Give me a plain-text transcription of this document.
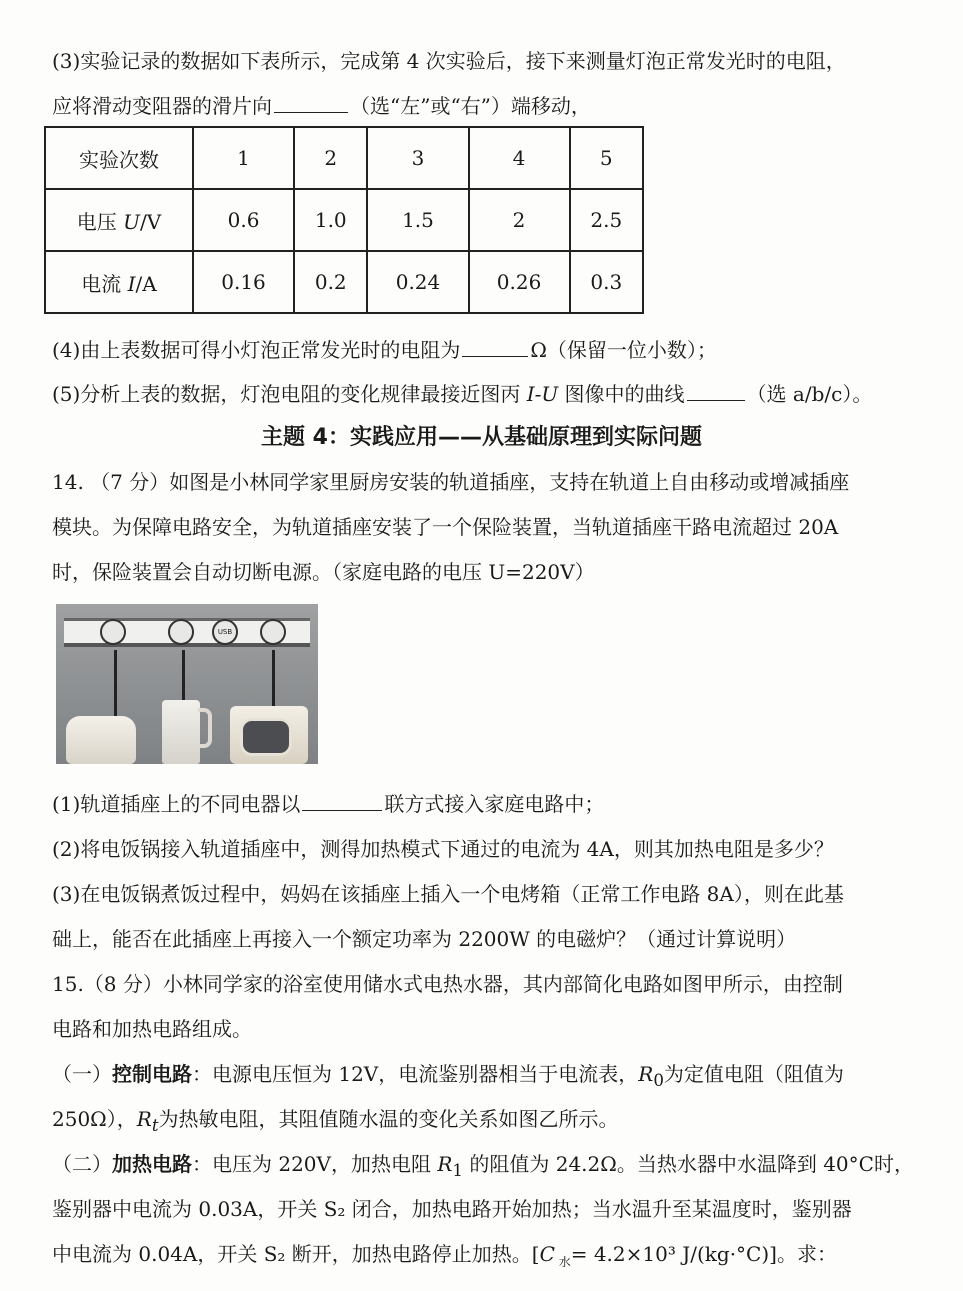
(3)实验记录的数据如下表所示，完成第 4 次实验后，接下来测量灯泡正常发光时的电阻，
应将滑动变阻器的滑片向	（选“左”或“右”）端移动，
实验次数	1	2	3	4	5
电压 U/V	0.6	1.0	1.5	2	2.5
电流 I/A	0.16	0.2	0.24	0.26	0.3
(4)由上表数据可得小灯泡正常发光时的电阻为	Ω（保留一位小数）；
(5)分析上表的数据，灯泡电阻的变化规律最接近图丙 I-U 图像中的曲线	（选 a/b/c）。
主题 4：实践应用——从基础原理到实际问题
14. （7 分）如图是小林同学家里厨房安装的轨道插座，支持在轨道上自由移动或增减插座
模块。为保障电路安全，为轨道插座安装了一个保险装置，当轨道插座干路电流超过 20A
时，保险装置会自动切断电源。（家庭电路的电压 U=220V）
USB
(1)轨道插座上的不同电器以	联方式接入家庭电路中；
(2)将电饭锅接入轨道插座中，测得加热模式下通过的电流为 4A，则其加热电阻是多少？
(3)在电饭锅煮饭过程中，妈妈在该插座上插入一个电烤箱（正常工作电路 8A），则在此基
础上，能否在此插座上再接入一个额定功率为 2200W 的电磁炉？（通过计算说明）
15.（8 分）小林同学家的浴室使用储水式电热水器，其内部简化电路如图甲所示，由控制
电路和加热电路组成。
（一）控制电路：电源电压恒为 12V，电流鉴别器相当于电流表，$R_0$为定值电阻（阻值为
250Ω），$R_t$为热敏电阻，其阻值随水温的变化关系如图乙所示。
（二）加热电路：电压为 220V，加热电阻 $R_1$ 的阻值为 24.2Ω。当热水器中水温降到 40°C时，
鉴别器中电流为 0.03A，开关 S₂ 闭合，加热电路开始加热；当水温升至某温度时，鉴别器
中电流为 0.04A，开关 S₂ 断开，加热电路停止加热。[C $_水$= 4.2×10³ J/(kg·°C)]。求：
